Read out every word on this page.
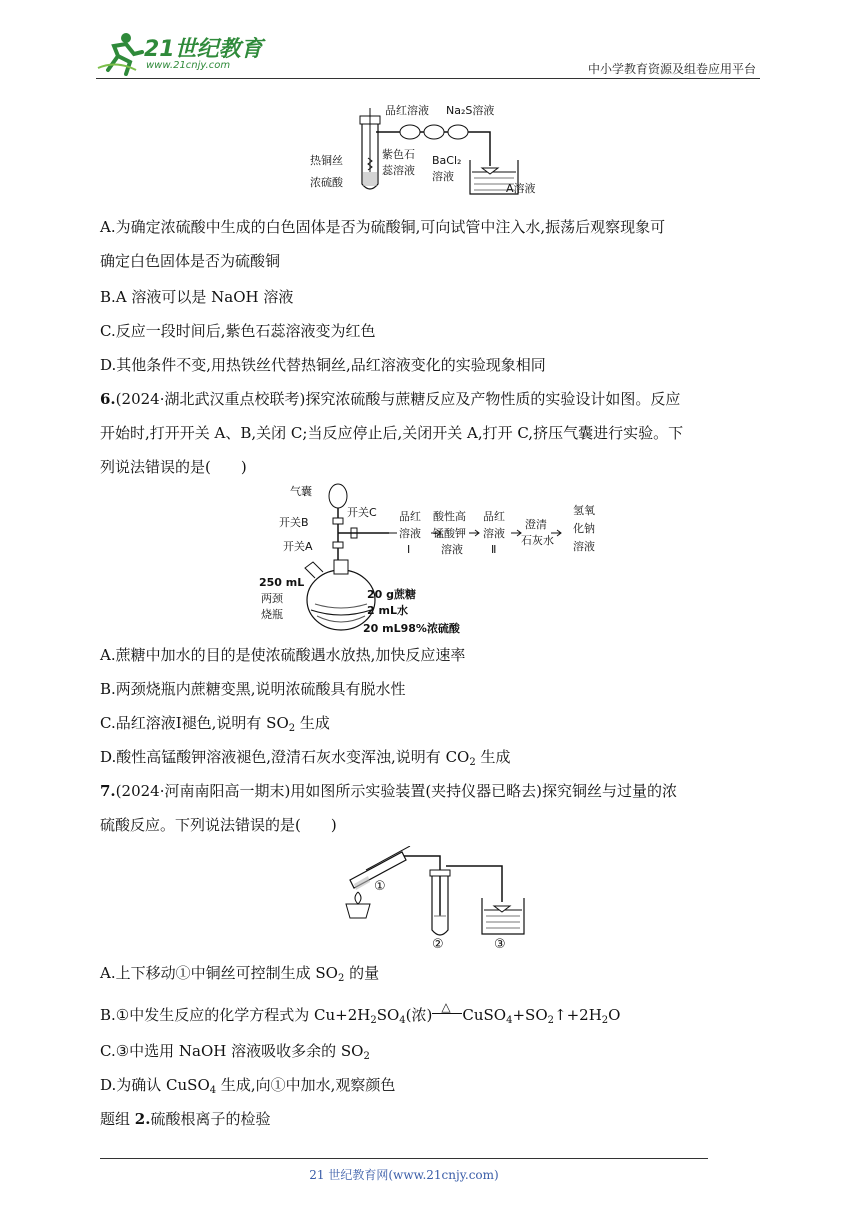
21世纪教育
www.21cnjy.com	中小学教育资源及组卷应用平台
品红溶液 Na₂S溶液
热铜丝
浓硫酸
紫色石
蕊溶液
BaCl₂
溶液
A溶液
A.为确定浓硫酸中生成的白色固体是否为硫酸铜,可向试管中注入水,振荡后观察现象可
确定白色固体是否为硫酸铜
B.A 溶液可以是 NaOH 溶液
C.反应一段时间后,紫色石蕊溶液变为红色
D.其他条件不变,用热铁丝代替热铜丝,品红溶液变化的实验现象相同
6.(2024·湖北武汉重点校联考)探究浓硫酸与蔗糖反应及产物性质的实验设计如图。反应
开始时,打开开关 A、B,关闭 C;当反应停止后,关闭开关 A,打开 C,挤压气囊进行实验。下
列说法错误的是(　　)
气囊
开关B
开关A
开关C
250 mL
两颈
烧瓶
20 g蔗糖
2 mL水
20 mL98%浓硫酸
品红
溶液
Ⅰ
酸性高
锰酸钾
溶液
品红
溶液
Ⅱ
澄清
石灰水
氢氧
化钠
溶液
A.蔗糖中加水的目的是使浓硫酸遇水放热,加快反应速率
B.两颈烧瓶内蔗糖变黑,说明浓硫酸具有脱水性
C.品红溶液Ⅰ褪色,说明有 $SO_2$ 生成
D.酸性高锰酸钾溶液褪色,澄清石灰水变浑浊,说明有 $CO_2$ 生成
7.(2024·河南南阳高一期末)用如图所示实验装置(夹持仪器已略去)探究铜丝与过量的浓
硫酸反应。下列说法错误的是(　　)
①
②	③
A.上下移动①中铜丝可控制生成 $SO_2$ 的量
B.①中发生反应的化学方程式为 $Cu+2H_2SO_4$(浓) △ $CuSO_4+SO_2↑+2H_2O$
C.③中选用 NaOH 溶液吸收多余的 $SO_2$
D.为确认 CuSO$_4$ 生成,向①中加水,观察颜色
题组 2.硫酸根离子的检验
21 世纪教育网(www.21cnjy.com)
